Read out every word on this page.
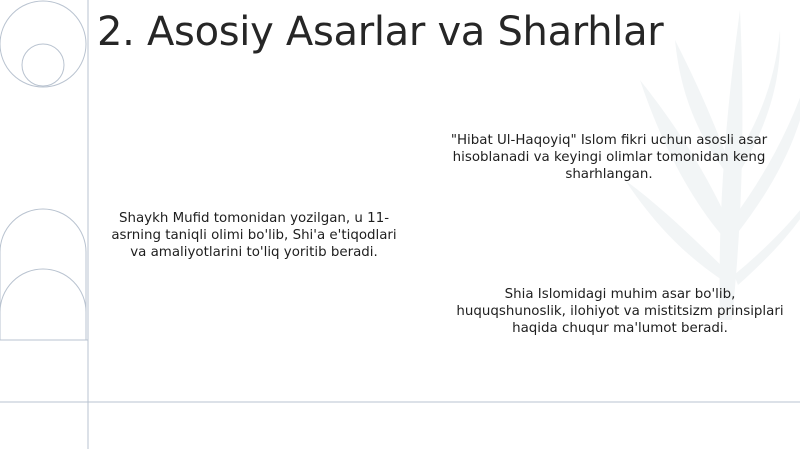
2. Asosiy Asarlar va Sharhlar

"Hibat Ul-Haqoyiq" Islom fikri uchun asosli asar hisoblanadi va keyingi olimlar tomonidan keng sharhlangan.

Shaykh Mufid tomonidan yozilgan, u 11-asrning taniqli olimi bo'lib, Shi'a e'tiqodlari va amaliyotlarini to'liq yoritib beradi.

Shia Islomidagi muhim asar bo'lib, huquqshunoslik, ilohiyot va mistitsizm prinsiplari haqida chuqur ma'lumot beradi.
